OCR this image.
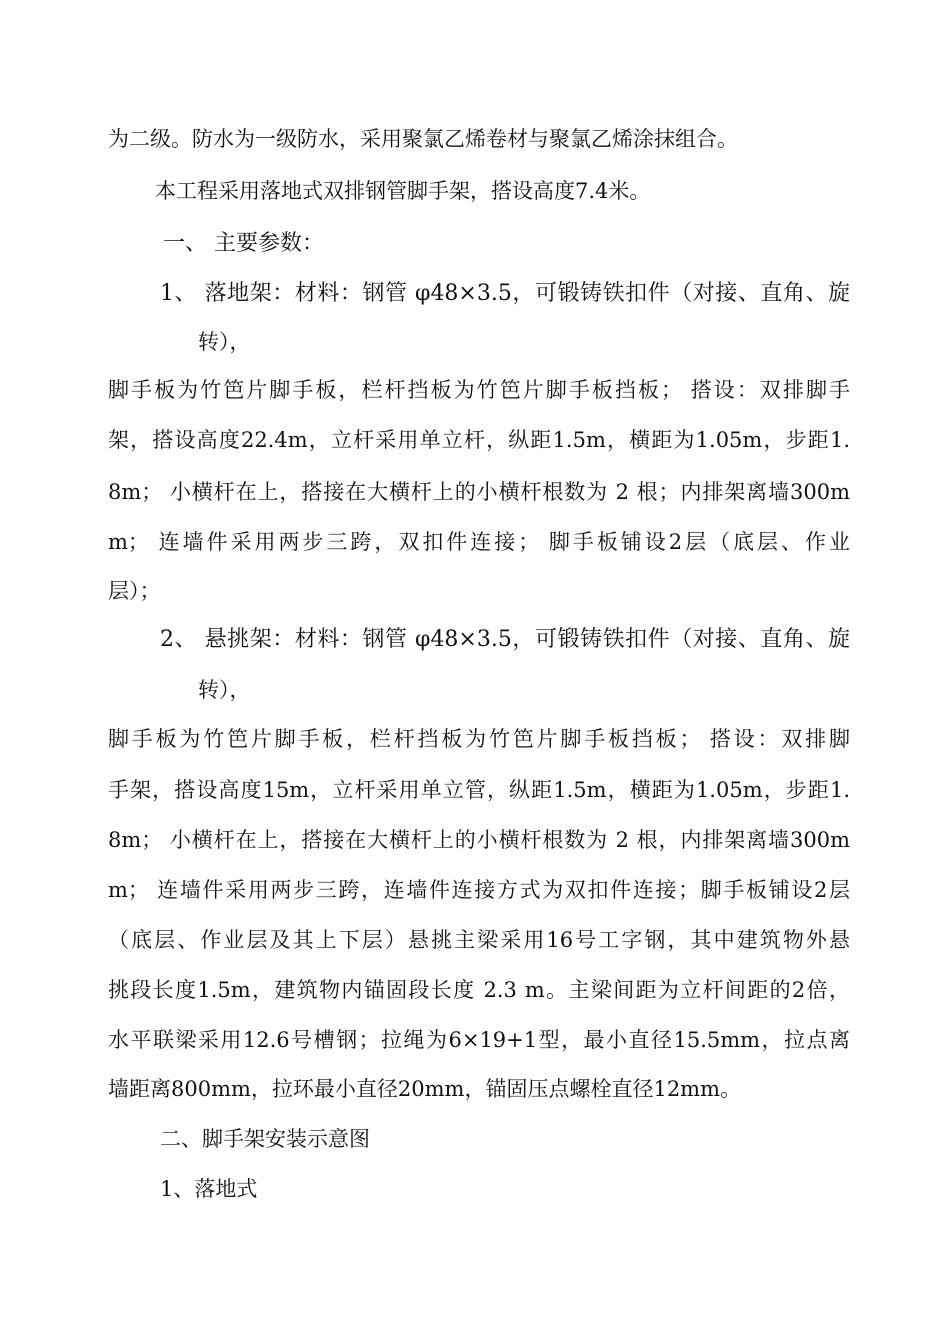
为二级。防水为一级防水，采用聚氯乙烯卷材与聚氯乙烯涂抹组合。

本工程采用落地式双排钢管脚手架，搭设高度7.4米。

一、 主要参数：

1、 落地架：材料：钢管 φ48×3.5，可锻铸铁扣件（对接、直角、旋

转），

脚手板为竹笆片脚手板，栏杆挡板为竹笆片脚手板挡板； 搭设：双排脚手

架，搭设高度22.4m，立杆采用单立杆，纵距1.5m，横距为1.05m，步距1.

8m； 小横杆在上，搭接在大横杆上的小横杆根数为 2 根；内排架离墙300m

m； 连墙件采用两步三跨，双扣件连接； 脚手板铺设2层（底层、作业

层）；

2、 悬挑架：材料：钢管 φ48×3.5，可锻铸铁扣件（对接、直角、旋

转），

脚手板为竹笆片脚手板，栏杆挡板为竹笆片脚手板挡板； 搭设：双排脚

手架，搭设高度15m，立杆采用单立管，纵距1.5m，横距为1.05m，步距1.

8m； 小横杆在上，搭接在大横杆上的小横杆根数为 2 根，内排架离墙300m

m； 连墙件采用两步三跨，连墙件连接方式为双扣件连接；脚手板铺设2层

（底层、作业层及其上下层）悬挑主梁采用16号工字钢，其中建筑物外悬

挑段长度1.5m，建筑物内锚固段长度 2.3 m。主梁间距为立杆间距的2倍，

水平联梁采用12.6号槽钢；拉绳为6×19+1型，最小直径15.5mm，拉点离

墙距离800mm，拉环最小直径20mm，锚固压点螺栓直径12mm。

二、脚手架安装示意图

1、落地式
